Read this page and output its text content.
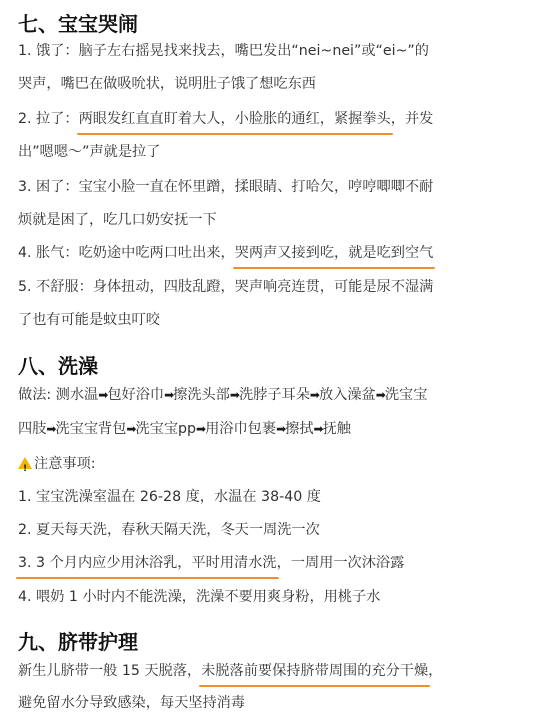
七、宝宝哭闹
1. 饿了：脑子左右摇晃找来找去，嘴巴发出“nei~nei”或“ei~”的
哭声，嘴巴在做吸吮状，说明肚子饿了想吃东西
2. 拉了：两眼发红直直盯着大人，小脸胀的通红，紧握拳头，并发
出”嗯嗯～”声就是拉了
3. 困了：宝宝小脸一直在怀里蹭，揉眼睛、打哈欠，哼哼唧唧不耐
烦就是困了，吃几口奶安抚一下
4. 胀气：吃奶途中吃两口吐出来，哭两声又接到吃，就是吃到空气
5. 不舒服：身体扭动，四肢乱蹬，哭声响亮连贯，可能是尿不湿满
了也有可能是蚊虫叮咬
八、洗澡
做法: 测水温➡包好浴巾➡擦洗头部➡洗脖子耳朵➡放入澡盆➡洗宝宝
四肢➡洗宝宝背包➡洗宝宝pp➡用浴巾包裹➡擦拭➡抚触
!注意事项:
1. 宝宝洗澡室温在 26-28 度，水温在 38-40 度
2. 夏天每天洗，春秋天隔天洗，冬天一周洗一次
3. 3 个月内应少用沐浴乳，平时用清水洗，一周用一次沐浴露
4. 喂奶 1 小时内不能洗澡，洗澡不要用爽身粉，用桃子水
九、脐带护理
新生儿脐带一般 15 天脱落，未脱落前要保持脐带周围的充分干燥，
避免留水分导致感染，每天坚持消毒
